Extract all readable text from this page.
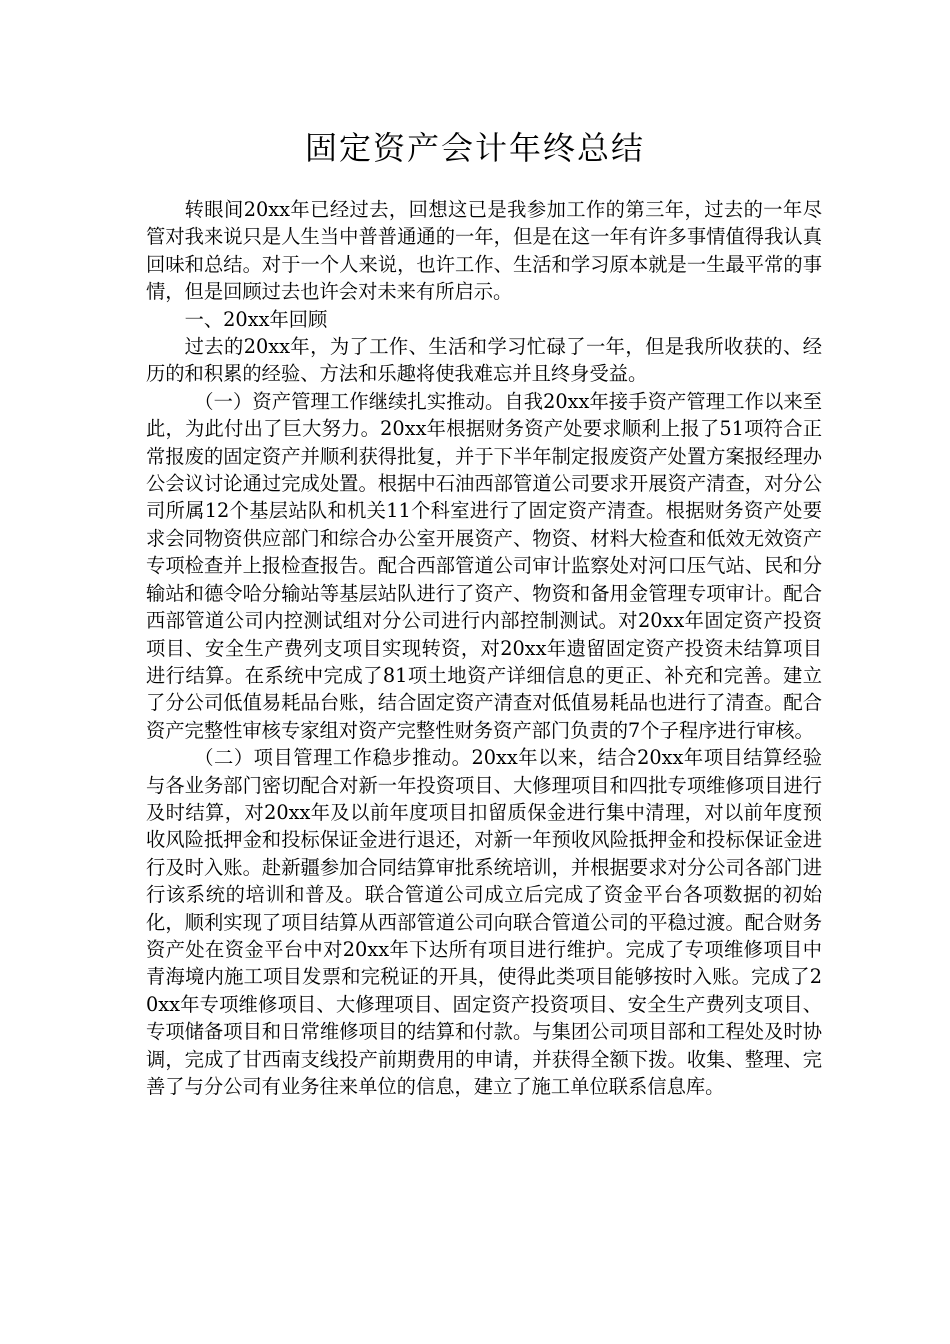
固定资产会计年终总结

转眼间20xx年已经过去，回想这已是我参加工作的第三年，过去的一年尽管对我来说只是人生当中普普通通的一年，但是在这一年有许多事情值得我认真回味和总结。对于一个人来说，也许工作、生活和学习原本就是一生最平常的事情，但是回顾过去也许会对未来有所启示。

一、20xx年回顾

过去的20xx年，为了工作、生活和学习忙碌了一年，但是我所收获的、经历的和积累的经验、方法和乐趣将使我难忘并且终身受益。

（一）资产管理工作继续扎实推动。自我20xx年接手资产管理工作以来至此，为此付出了巨大努力。20xx年根据财务资产处要求顺利上报了51项符合正常报废的固定资产并顺利获得批复，并于下半年制定报废资产处置方案报经理办公会议讨论通过完成处置。根据中石油西部管道公司要求开展资产清查，对分公司所属12个基层站队和机关11个科室进行了固定资产清查。根据财务资产处要求会同物资供应部门和综合办公室开展资产、物资、材料大检查和低效无效资产专项检查并上报检查报告。配合西部管道公司审计监察处对河口压气站、民和分输站和德令哈分输站等基层站队进行了资产、物资和备用金管理专项审计。配合西部管道公司内控测试组对分公司进行内部控制测试。对20xx年固定资产投资项目、安全生产费列支项目实现转资，对20xx年遗留固定资产投资未结算项目进行结算。在系统中完成了81项土地资产详细信息的更正、补充和完善。建立了分公司低值易耗品台账，结合固定资产清查对低值易耗品也进行了清查。配合资产完整性审核专家组对资产完整性财务资产部门负责的7个子程序进行审核。

（二）项目管理工作稳步推动。20xx年以来，结合20xx年项目结算经验与各业务部门密切配合对新一年投资项目、大修理项目和四批专项维修项目进行及时结算，对20xx年及以前年度项目扣留质保金进行集中清理，对以前年度预收风险抵押金和投标保证金进行退还，对新一年预收风险抵押金和投标保证金进行及时入账。赴新疆参加合同结算审批系统培训，并根据要求对分公司各部门进行该系统的培训和普及。联合管道公司成立后完成了资金平台各项数据的初始化，顺利实现了项目结算从西部管道公司向联合管道公司的平稳过渡。配合财务资产处在资金平台中对20xx年下达所有项目进行维护。完成了专项维修项目中青海境内施工项目发票和完税证的开具，使得此类项目能够按时入账。完成了20xx年专项维修项目、大修理项目、固定资产投资项目、安全生产费列支项目、专项储备项目和日常维修项目的结算和付款。与集团公司项目部和工程处及时协调，完成了甘西南支线投产前期费用的申请，并获得全额下拨。收集、整理、完善了与分公司有业务往来单位的信息，建立了施工单位联系信息库。
